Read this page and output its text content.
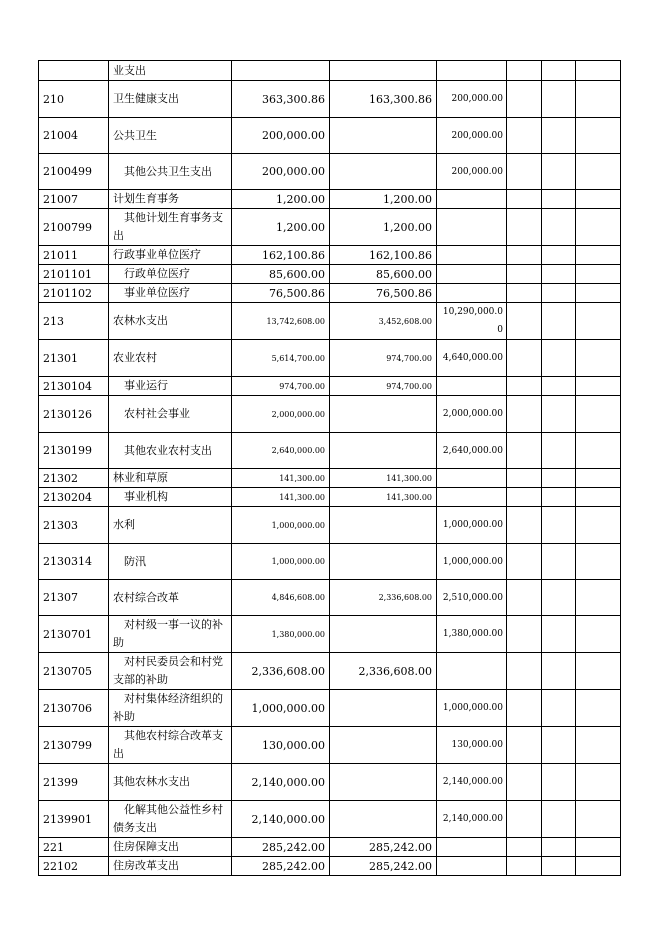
	业支出						
210	卫生健康支出	363,300.86	163,300.86	200,000.00			
21004	公共卫生	200,000.00		200,000.00			
2100499	其他公共卫生支出	200,000.00		200,000.00			
21007	计划生育事务	1,200.00	1,200.00				
2100799	其他计划生育事务支出	1,200.00	1,200.00				
21011	行政事业单位医疗	162,100.86	162,100.86				
2101101	行政单位医疗	85,600.00	85,600.00				
2101102	事业单位医疗	76,500.86	76,500.86				
213	农林水支出	13,742,608.00	3,452,608.00	10,290,000.00			
21301	农业农村	5,614,700.00	974,700.00	4,640,000.00			
2130104	事业运行	974,700.00	974,700.00				
2130126	农村社会事业	2,000,000.00		2,000,000.00			
2130199	其他农业农村支出	2,640,000.00		2,640,000.00			
21302	林业和草原	141,300.00	141,300.00				
2130204	事业机构	141,300.00	141,300.00				
21303	水利	1,000,000.00		1,000,000.00			
2130314	防汛	1,000,000.00		1,000,000.00			
21307	农村综合改革	4,846,608.00	2,336,608.00	2,510,000.00			
2130701	对村级一事一议的补助	1,380,000.00		1,380,000.00			
2130705	对村民委员会和村党支部的补助	2,336,608.00	2,336,608.00				
2130706	对村集体经济组织的补助	1,000,000.00		1,000,000.00			
2130799	其他农村综合改革支出	130,000.00		130,000.00			
21399	其他农林水支出	2,140,000.00		2,140,000.00			
2139901	化解其他公益性乡村债务支出	2,140,000.00		2,140,000.00			
221	住房保障支出	285,242.00	285,242.00				
22102	住房改革支出	285,242.00	285,242.00				
